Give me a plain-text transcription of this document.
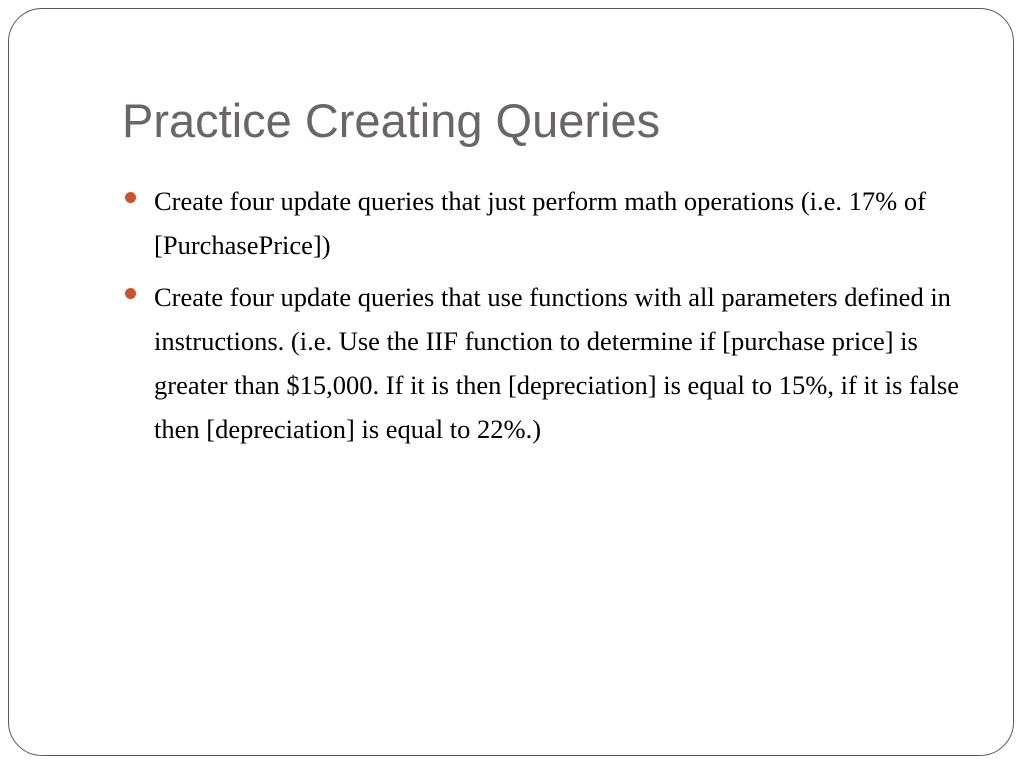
Practice Creating Queries
Create four update queries that just perform math operations (i.e. 17% of [PurchasePrice])
Create four update queries that use functions with all parameters defined in instructions. (i.e. Use the IIF function to determine if [purchase price] is greater than $15,000. If it is then [depreciation] is equal to 15%, if it is false then [depreciation] is equal to 22%.)
